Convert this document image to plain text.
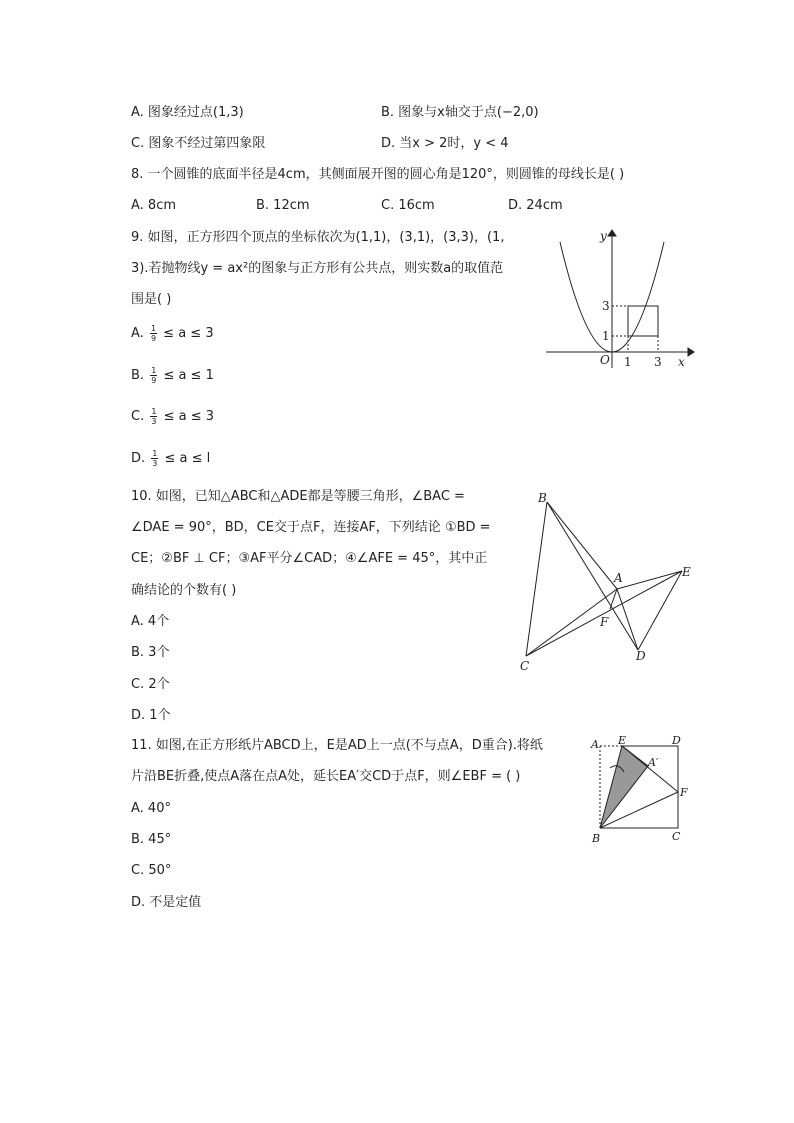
A. 图象经过点(1,3)	B. 图象与x轴交于点(−2,0)
C. 图象不经过第四象限	D. 当x > 2时，y < 4
8. 一个圆锥的底面半径是4cm，其侧面展开图的圆心角是120°，则圆锥的母线长是( )
A. 8cm	B. 12cm	C. 16cm	D. 24cm
9. 如图，正方形四个顶点的坐标依次为(1,1)，(3,1)，(3,3)，(1,
3).若抛物线y = ax²的图象与正方形有公共点，则实数a的取值范
围是( )
A. $\frac{1}{9} \le a \le 3$
B. $\frac{1}{9} \le a \le 1$
C. $\frac{1}{3} \le a \le 3$
D. $\frac{1}{3} \le a \le l$
y
x
O 1 3
3
1
10. 如图，已知△ABC和△ADE都是等腰三角形，∠BAC =
∠DAE = 90°，BD，CE交于点F，连接AF，下列结论 ①BD =
CE；②BF ⊥ CF；③AF平分∠CAD；④∠AFE = 45°，其中正
确结论的个数有( )
A. 4个
B. 3个
C. 2个
D. 1个
B
A	E
F
C
D
11. 如图,在正方形纸片ABCD上，E是AD上一点(不与点A，D重合).将纸
片沿BE折叠,使点A落在点A处，延长EA′交CD于点F，则∠EBF = ( )
A. 40°
B. 45°
C. 50°
D. 不是定值
A E	D
A′
F
B	C
